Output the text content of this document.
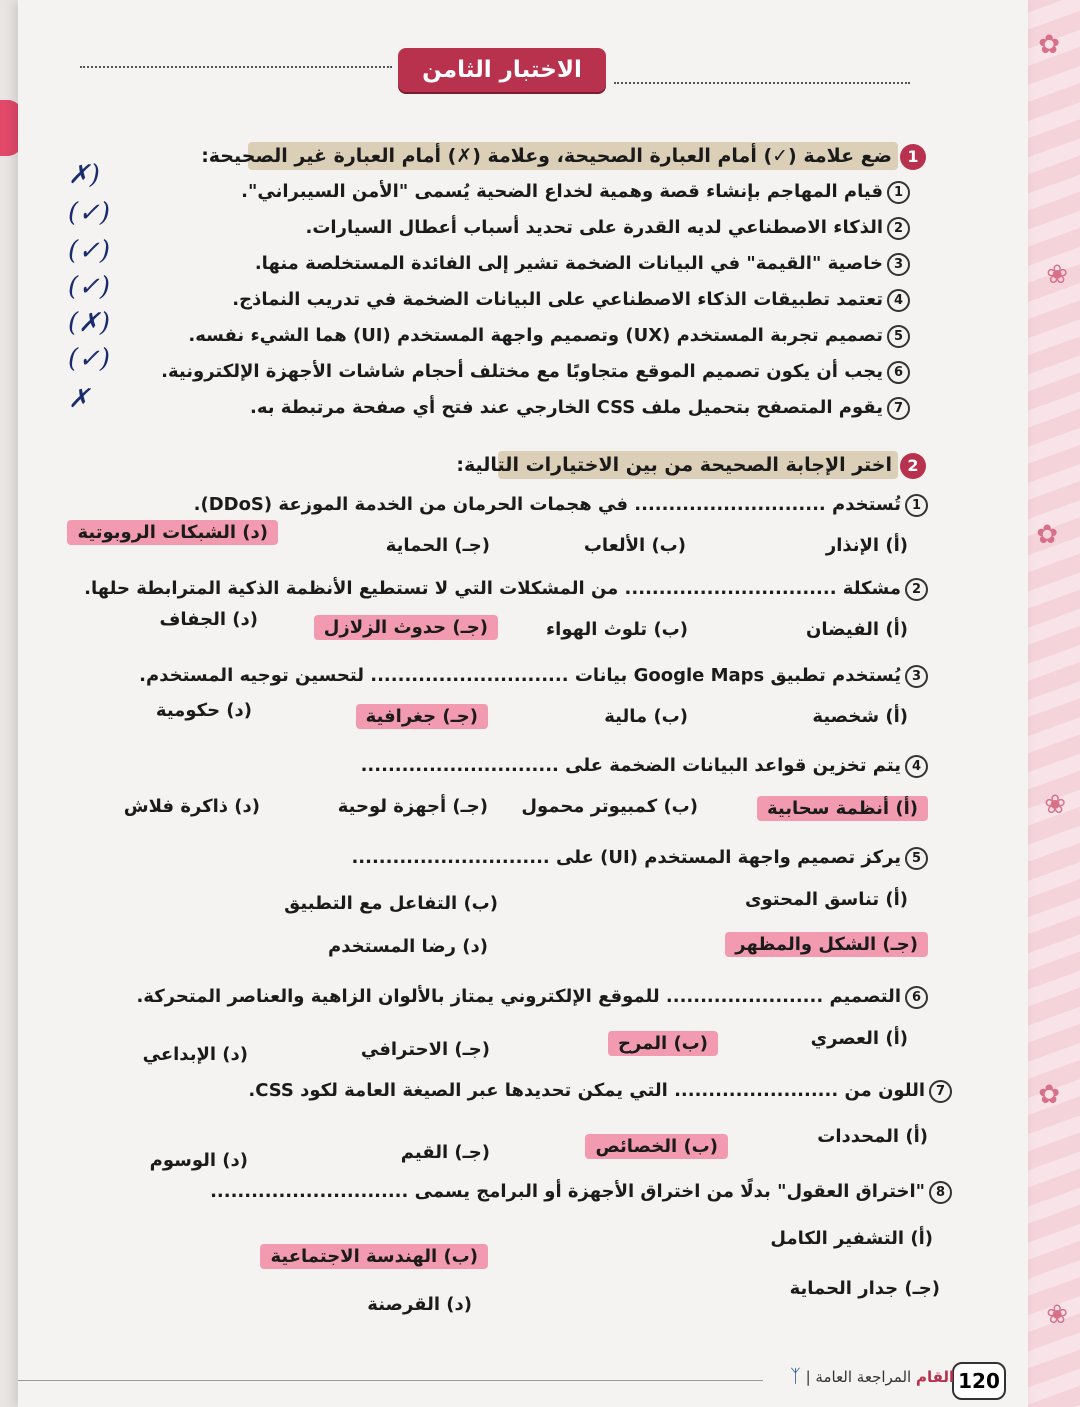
✿
❀
✿
❀
✿
❀
الاختبار الثامن
1
ضع علامة (✓) أمام العبارة الصحيحة، وعلامة (✗) أمام العبارة غير الصحيحة:
1قيام المهاجم بإنشاء قصة وهمية لخداع الضحية يُسمى "الأمن السيبراني".
2الذكاء الاصطناعي لديه القدرة على تحديد أسباب أعطال السيارات.
3خاصية "القيمة" في البيانات الضخمة تشير إلى الفائدة المستخلصة منها.
4تعتمد تطبيقات الذكاء الاصطناعي على البيانات الضخمة في تدريب النماذج.
5تصميم تجربة المستخدم (UX) وتصميم واجهة المستخدم (UI) هما الشيء نفسه.
6يجب أن يكون تصميم الموقع متجاوبًا مع مختلف أحجام شاشات الأجهزة الإلكترونية.
7يقوم المتصفح بتحميل ملف CSS الخارجي عند فتح أي صفحة مرتبطة به.
(✗
(✓)
(✓)
(✓)
(✗)
(✓)
✗
2
اختر الإجابة الصحيحة من بين الاختيارات التالية:
1تُستخدم ............................ في هجمات الحرمان من الخدمة الموزعة (DDoS).
(أ) الإنذار
(ب) الألعاب
(جـ) الحماية
(د) الشبكات الروبوتية
2مشكلة ............................... من المشكلات التي لا تستطيع الأنظمة الذكية المترابطة حلها.
(أ) الفيضان
(ب) تلوث الهواء
(جـ) حدوث الزلازل
(د) الجفاف
3يُستخدم تطبيق Google Maps بيانات ............................. لتحسين توجيه المستخدم.
(أ) شخصية
(ب) مالية
(جـ) جغرافية
(د) حكومية
4يتم تخزين قواعد البيانات الضخمة على .............................
(أ) أنظمة سحابية
(ب) كمبيوتر محمول
(جـ) أجهزة لوحية
(د) ذاكرة فلاش
5يركز تصميم واجهة المستخدم (UI) على .............................
(أ) تناسق المحتوى
(ب) التفاعل مع التطبيق
(جـ) الشكل والمظهر
(د) رضا المستخدم
6التصميم ....................... للموقع الإلكتروني يمتاز بالألوان الزاهية والعناصر المتحركة.
(أ) العصري
(ب) المرح
(جـ) الاحترافي
(د) الإبداعي
7اللون من ........................ التي يمكن تحديدها عبر الصيغة العامة لكود CSS.
(أ) المحددات
(ب) الخصائص
(جـ) القيم
(د) الوسوم
8"اختراق العقول" بدلًا من اختراق الأجهزة أو البرامج يسمى .............................
(أ) التشفير الكامل
(ب) الهندسة الاجتماعية
(جـ) جدار الحماية
(د) القرصنة
120
القام المراجعة العامة | ᛉ
